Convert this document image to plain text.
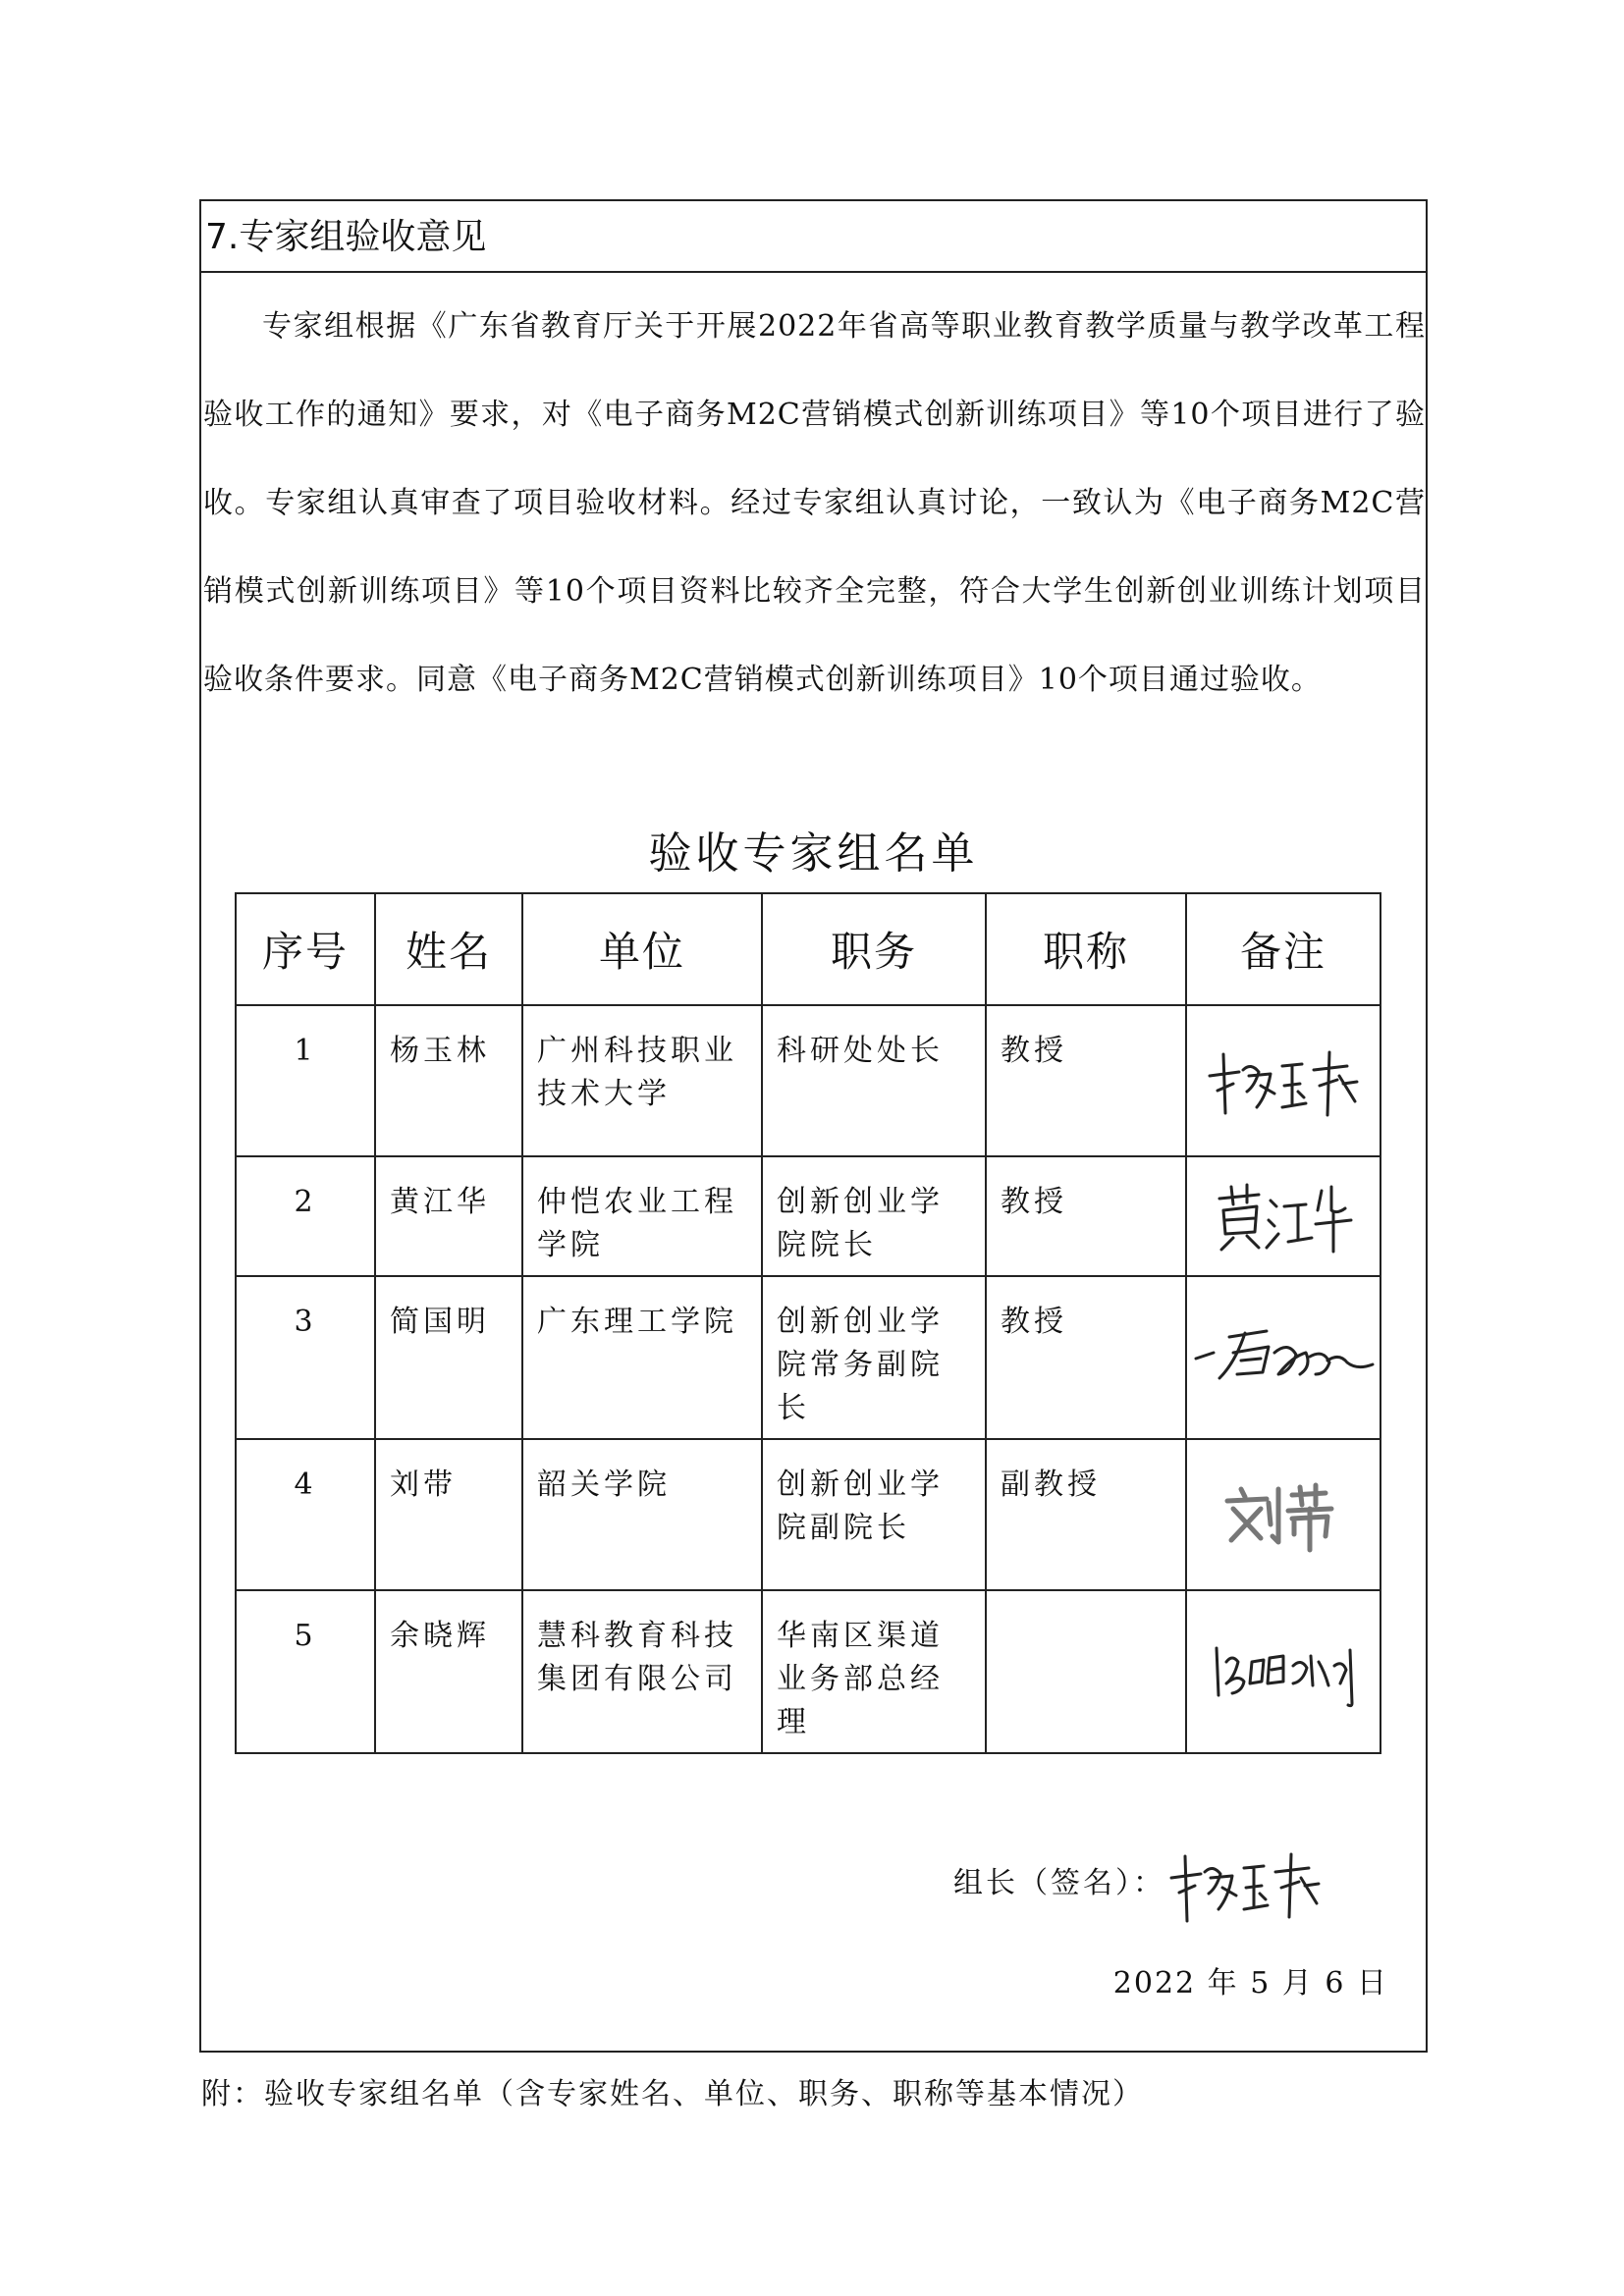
7.专家组验收意见

专家组根据《广东省教育厅关于开展2022年省高等职业教育教学质量与教学改革工程验收工作的通知》要求，对《电子商务M2C营销模式创新训练项目》等10个项目进行了验收。专家组认真审查了项目验收材料。经过专家组认真讨论，一致认为《电子商务M2C营销模式创新训练项目》等10个项目资料比较齐全完整，符合大学生创新创业训练计划项目验收条件要求。同意《电子商务M2C营销模式创新训练项目》10个项目通过验收。

验收专家组名单
序号	姓名	单位	职务	职称	备注
1	杨玉林	广州科技职业技术大学	科研处处长	教授	

2	黄江华	仲恺农业工程学院	创新创业学院院长	教授	

3	简国明	广东理工学院	创新创业学院常务副院长	教授	

4	刘带	韶关学院	创新创业学院副院长	副教授	

5	余晓辉	慧科教育科技集团有限公司	华南区渠道业务部总经理		
组长（签名）：
2022 年 5 月 6 日
附：验收专家组名单（含专家姓名、单位、职务、职称等基本情况）
